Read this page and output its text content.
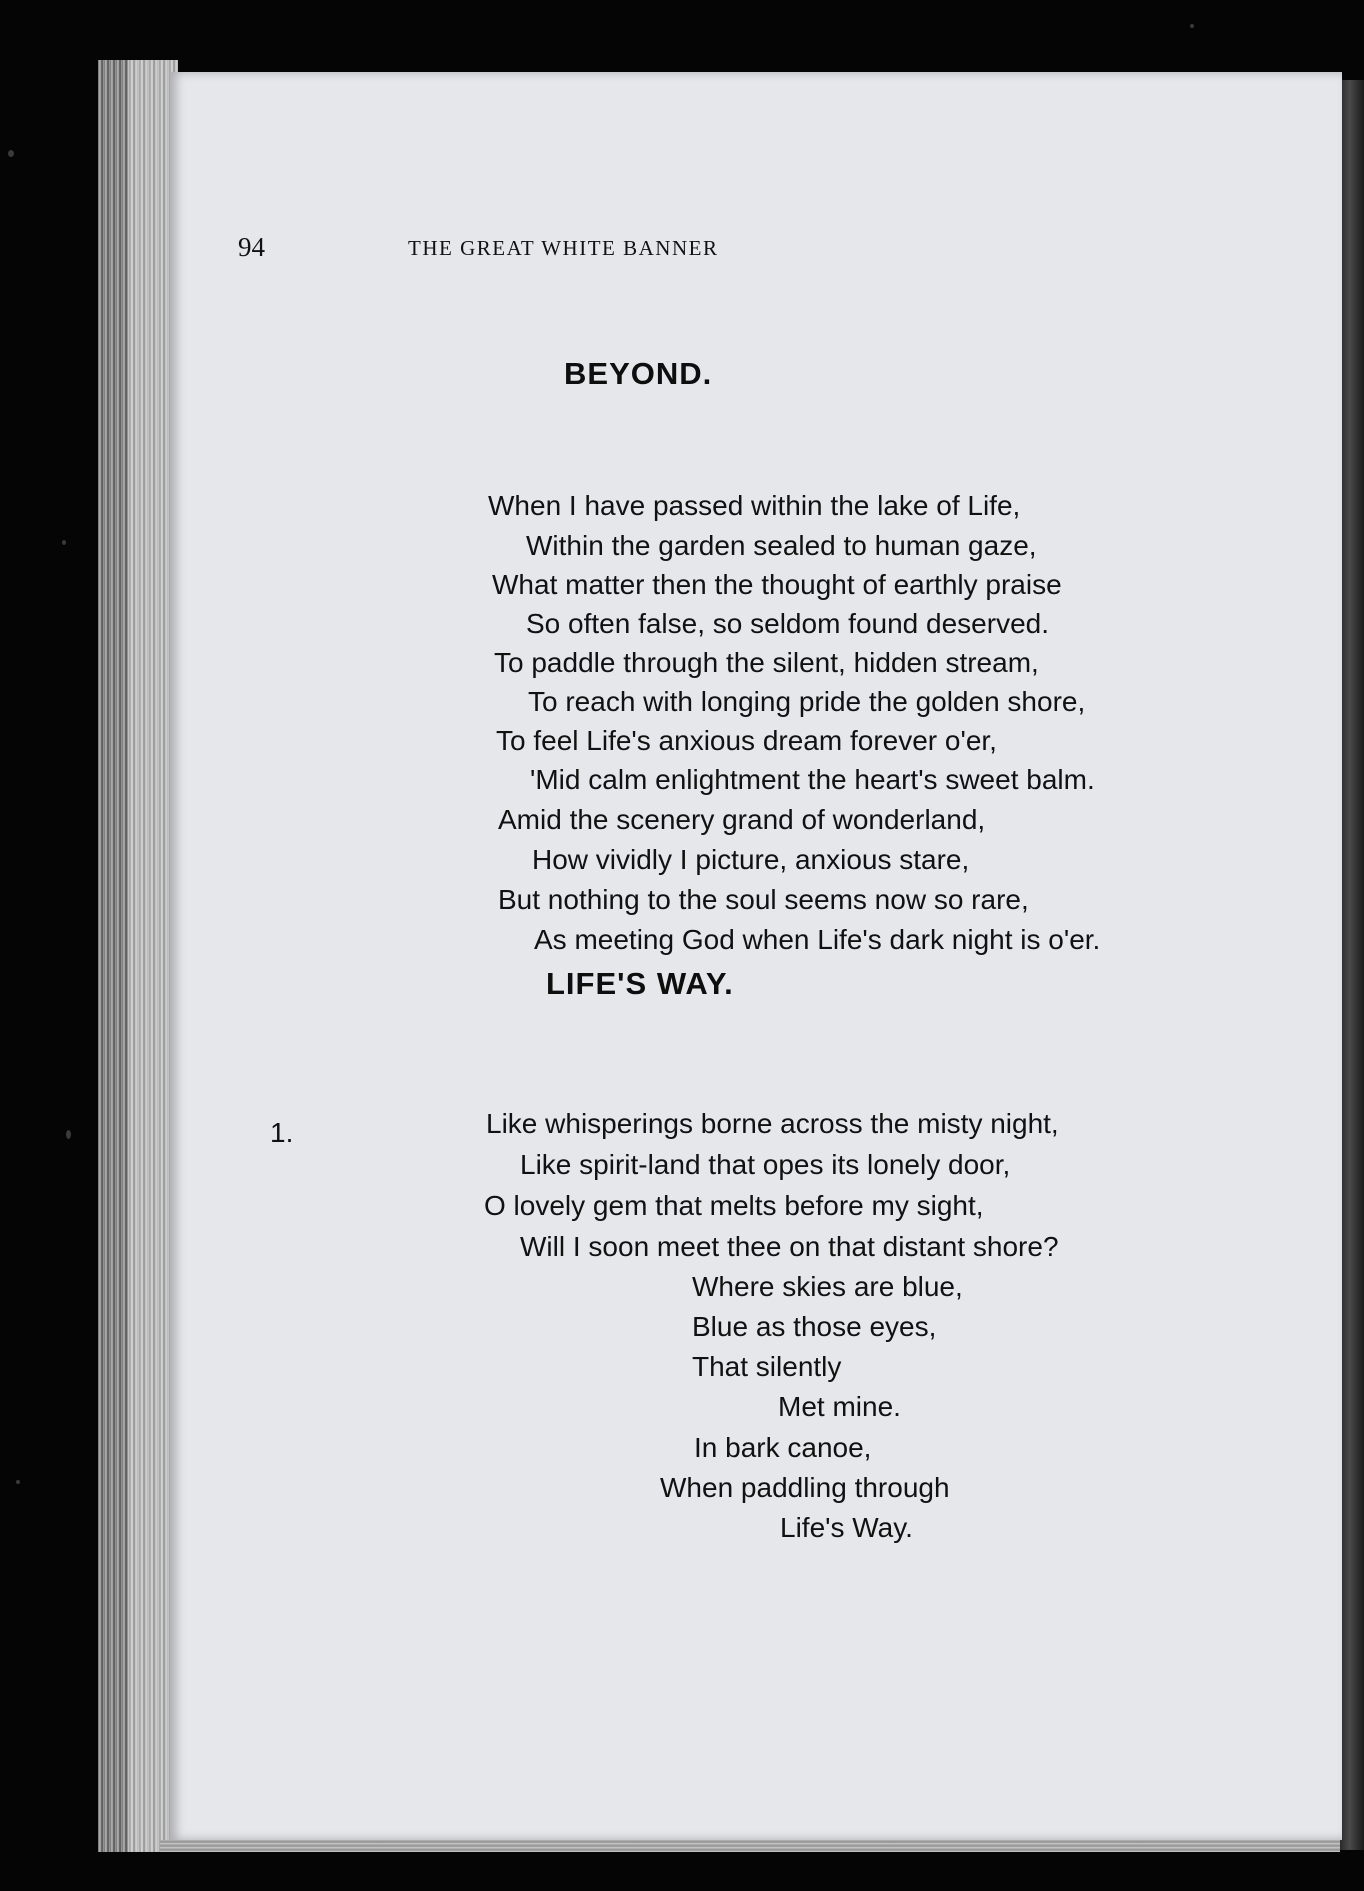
94	THE GREAT WHITE BANNER
BEYOND.
When I have passed within the lake of Life,
Within the garden sealed to human gaze,
What matter then the thought of earthly praise
So often false, so seldom found deserved.
To paddle through the silent, hidden stream,
To reach with longing pride the golden shore,
To feel Life's anxious dream forever o'er,
'Mid calm enlightment the heart's sweet balm.
Amid the scenery grand of wonderland,
How vividly I picture, anxious stare,
But nothing to the soul seems now so rare,
As meeting God when Life's dark night is o'er.
LIFE'S WAY.
1.	Like whisperings borne across the misty night,
Like spirit-land that opes its lonely door,
O lovely gem that melts before my sight,
Will I soon meet thee on that distant shore?
Where skies are blue,
Blue as those eyes,
That silently
Met mine.
In bark canoe,
When paddling through
Life's Way.
